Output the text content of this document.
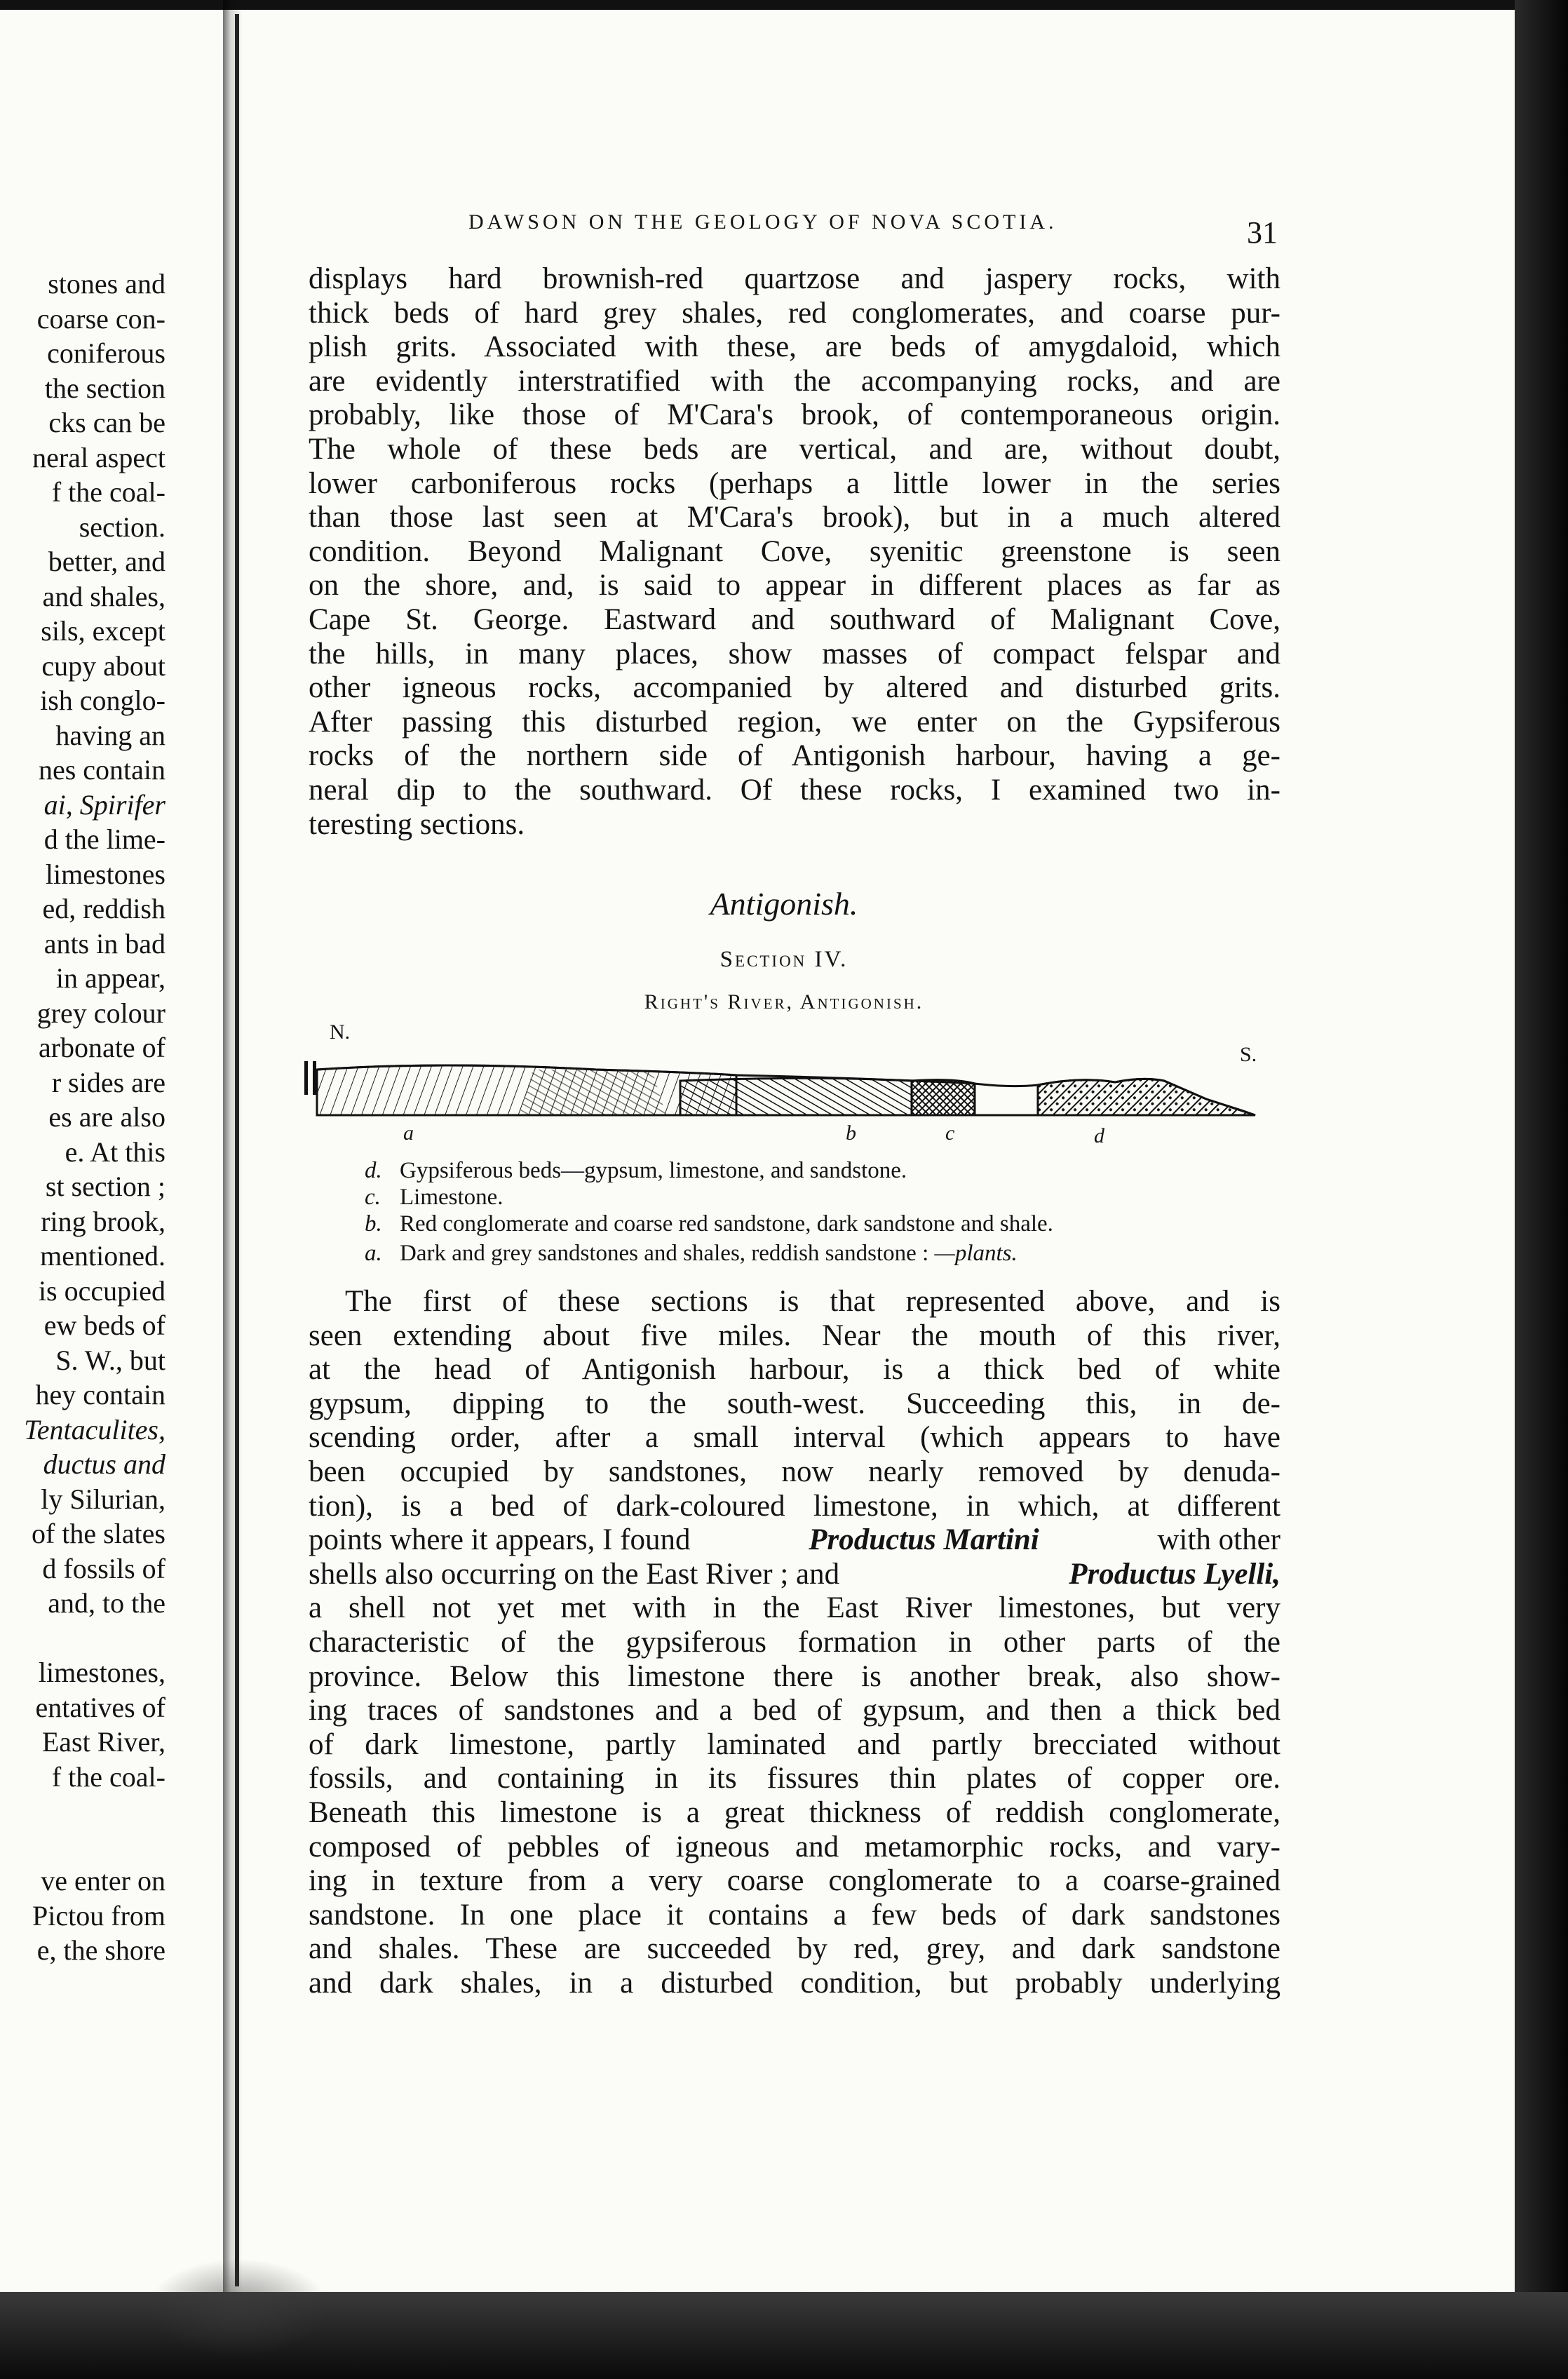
stones and
coarse con-
coniferous
the section
cks can be
neral aspect
f the coal-
section.
better, and
and shales,
sils, except
cupy about
ish conglo-
having an
nes contain
ai, Spirifer
d the lime-
limestones
ed, reddish
ants in bad
in appear,
grey colour
arbonate of
r sides are
es are also
e. At this
st section ;
ring brook,
mentioned.
is occupied
ew beds of
S. W., but
hey contain
Tentaculites,
ductus and
ly Silurian,
of the slates
d fossils of
and, to the
limestones,
entatives of
East River,
f the coal-
ve enter on
Pictou from
e, the shore
DAWSON ON THE GEOLOGY OF NOVA SCOTIA.	31
displays hard brownish-red quartzose and jaspery rocks, with
thick beds of hard grey shales, red conglomerates, and coarse pur-
plish grits. Associated with these, are beds of amygdaloid, which
are evidently interstratified with the accompanying rocks, and are
probably, like those of M'Cara's brook, of contemporaneous origin.
The whole of these beds are vertical, and are, without doubt,
lower carboniferous rocks (perhaps a little lower in the series
than those last seen at M'Cara's brook), but in a much altered
condition. Beyond Malignant Cove, syenitic greenstone is seen
on the shore, and, is said to appear in different places as far as
Cape St. George. Eastward and southward of Malignant Cove,
the hills, in many places, show masses of compact felspar and
other igneous rocks, accompanied by altered and disturbed grits.
After passing this disturbed region, we enter on the Gypsiferous
rocks of the northern side of Antigonish harbour, having a ge-
neral dip to the southward. Of these rocks, I examined two in-
teresting sections.
Antigonish.
Section IV.
Right's River, Antigonish.
N.
S.
a	b	c	d
d. Gypsiferous beds—gypsum, limestone, and sandstone.
c. Limestone.
b. Red conglomerate and coarse red sandstone, dark sandstone and shale.
a. Dark and grey sandstones and shales, reddish sandstone : —plants.
The first of these sections is that represented above, and is
seen extending about five miles. Near the mouth of this river,
at the head of Antigonish harbour, is a thick bed of white
gypsum, dipping to the south-west. Succeeding this, in de-
scending order, after a small interval (which appears to have
been occupied by sandstones, now nearly removed by denuda-
tion), is a bed of dark-coloured limestone, in which, at different
points where it appears, I found	Productus Martini	with other
shells also occurring on the East River ; and	Productus Lyelli,
a shell not yet met with in the East River limestones, but very
characteristic of the gypsiferous formation in other parts of the
province. Below this limestone there is another break, also show-
ing traces of sandstones and a bed of gypsum, and then a thick bed
of dark limestone, partly laminated and partly brecciated without
fossils, and containing in its fissures thin plates of copper ore.
Beneath this limestone is a great thickness of reddish conglomerate,
composed of pebbles of igneous and metamorphic rocks, and vary-
ing in texture from a very coarse conglomerate to a coarse-grained
sandstone. In one place it contains a few beds of dark sandstones
and shales. These are succeeded by red, grey, and dark sandstone
and dark shales, in a disturbed condition, but probably underlying
